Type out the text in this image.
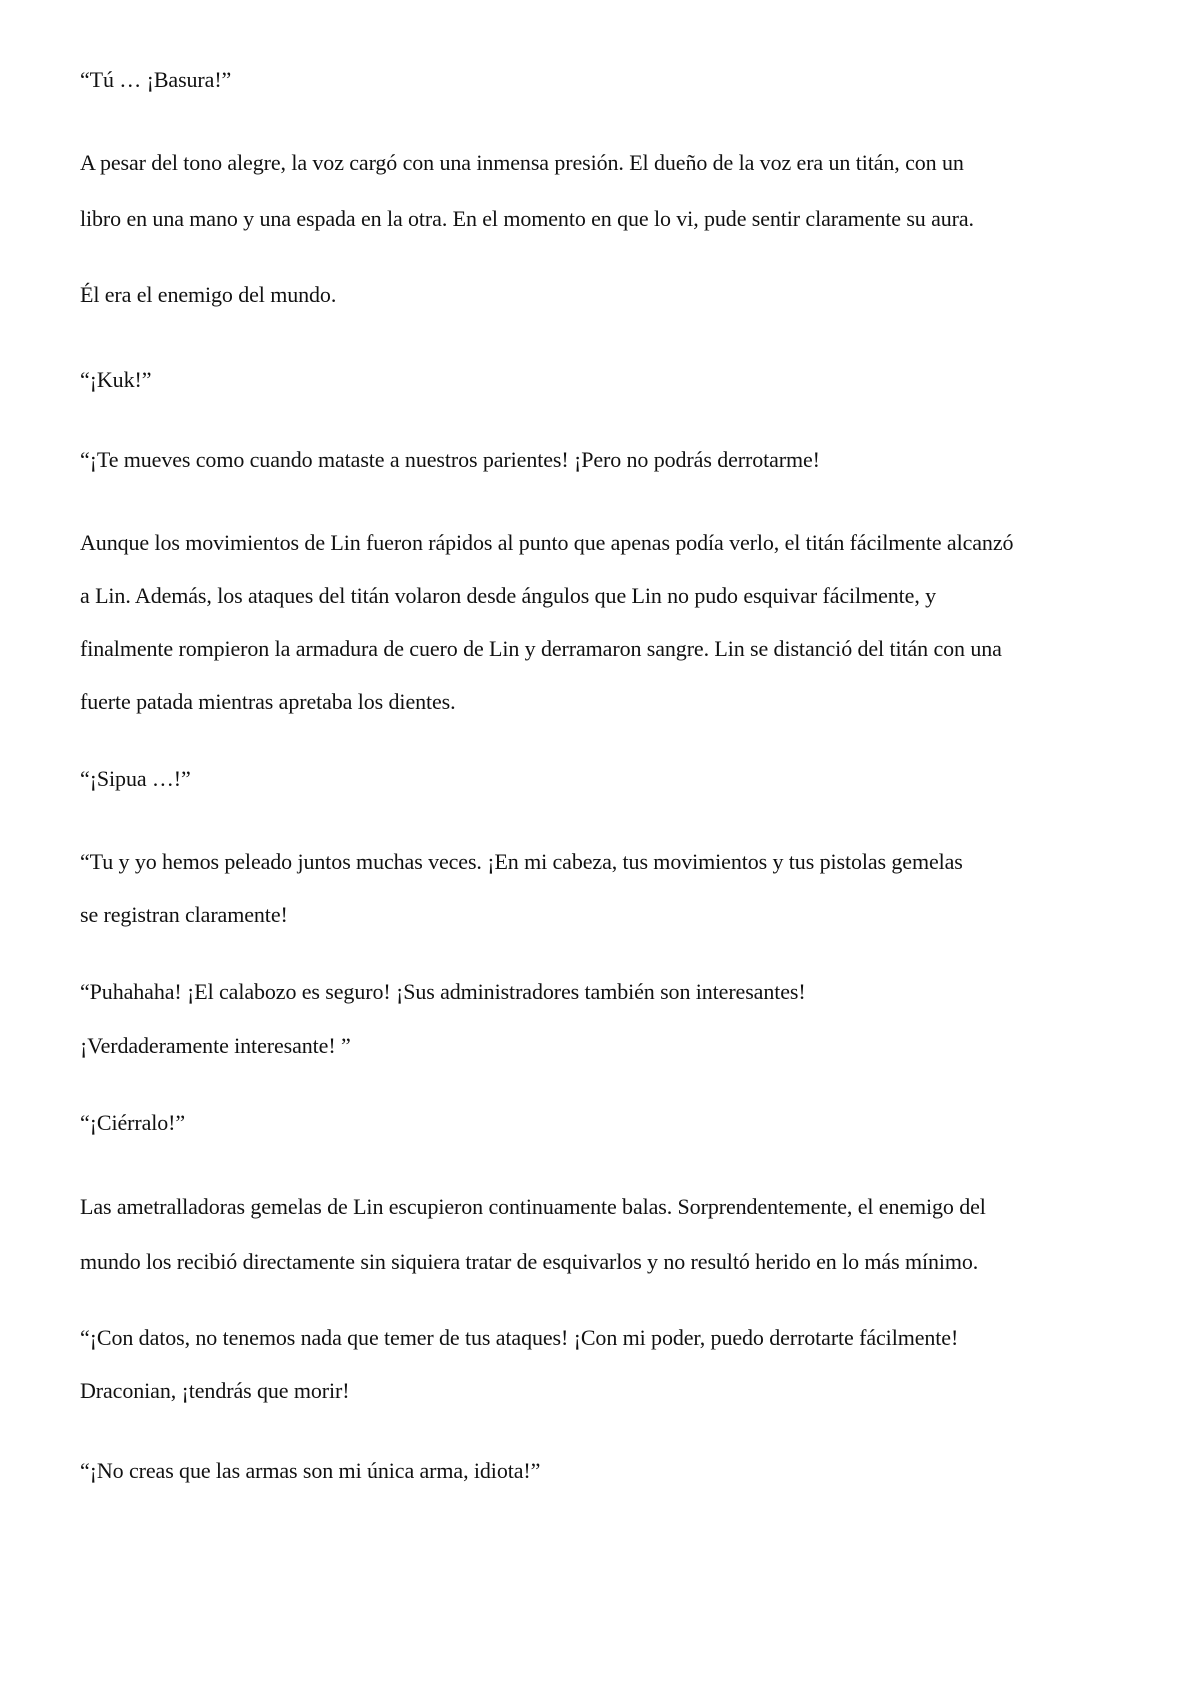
“Tú … ¡Basura!”

A pesar del tono alegre, la voz cargó con una inmensa presión. El dueño de la voz era un titán, con un

libro en una mano y una espada en la otra. En el momento en que lo vi, pude sentir claramente su aura.

Él era el enemigo del mundo.

“¡Kuk!”

“¡Te mueves como cuando mataste a nuestros parientes! ¡Pero no podrás derrotarme!

Aunque los movimientos de Lin fueron rápidos al punto que apenas podía verlo, el titán fácilmente alcanzó

a Lin. Además, los ataques del titán volaron desde ángulos que Lin no pudo esquivar fácilmente, y

finalmente rompieron la armadura de cuero de Lin y derramaron sangre. Lin se distanció del titán con una

fuerte patada mientras apretaba los dientes.

“¡Sipua …!”

“Tu y yo hemos peleado juntos muchas veces. ¡En mi cabeza, tus movimientos y tus pistolas gemelas

se registran claramente!

“Puhahaha! ¡El calabozo es seguro! ¡Sus administradores también son interesantes!

¡Verdaderamente interesante! ”

“¡Ciérralo!”

Las ametralladoras gemelas de Lin escupieron continuamente balas. Sorprendentemente, el enemigo del

mundo los recibió directamente sin siquiera tratar de esquivarlos y no resultó herido en lo más mínimo.

“¡Con datos, no tenemos nada que temer de tus ataques! ¡Con mi poder, puedo derrotarte fácilmente!

Draconian, ¡tendrás que morir!

“¡No creas que las armas son mi única arma, idiota!”
